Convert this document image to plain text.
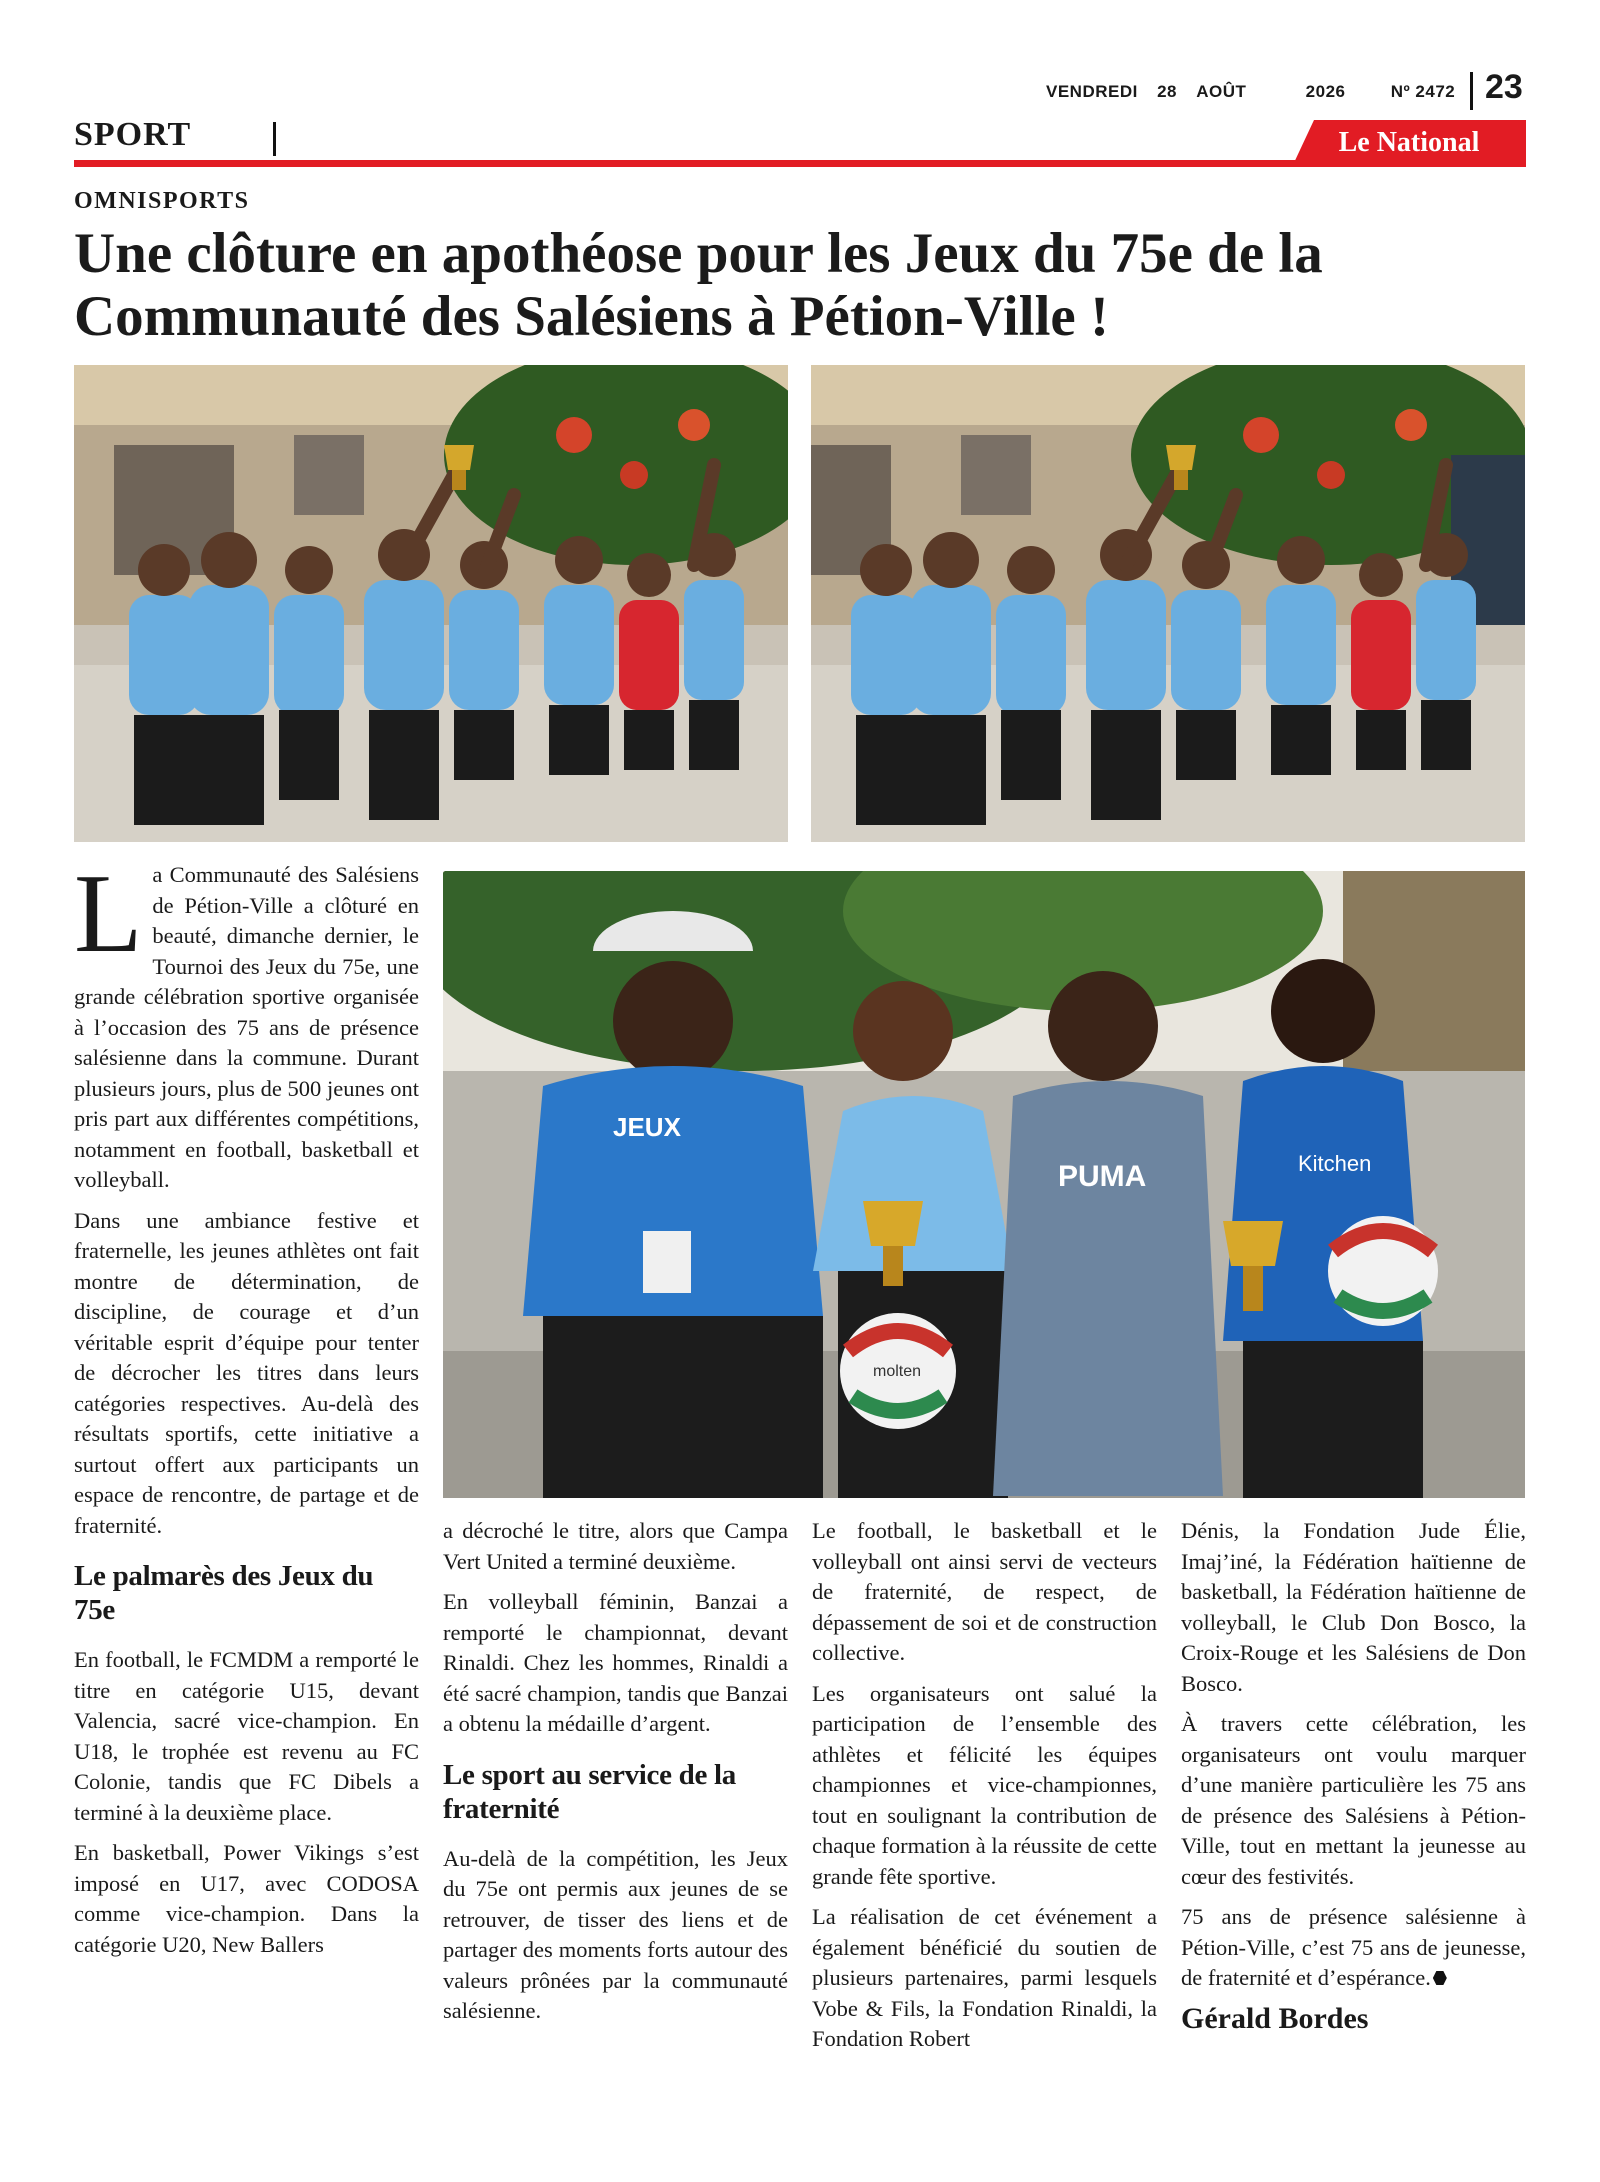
VENDREDI 28 AOÛT	2026	Nº 2472 23
SPORT	Le National
OMNISPORTS
Une clôture en apothéose pour les Jeux du 75e de la Communauté des Salésiens à Pétion-Ville !
JEUX
molten
PUMA	Kitchen

La Communauté des Salésiens de Pétion-Ville a clôturé en beauté, dimanche dernier, le Tournoi des Jeux du 75e, une grande célébration sportive organisée à l’occasion des 75 ans de présence salésienne dans la commune. Durant plusieurs jours, plus de 500 jeunes ont pris part aux différentes compétitions, notamment en football, basketball et volleyball.

Dans une ambiance festive et fraternelle, les jeunes athlètes ont fait montre de détermination, de discipline, de courage et d’un véritable esprit d’équipe pour tenter de décrocher les titres dans leurs catégories respectives. Au-delà des résultats sportifs, cette initiative a surtout offert aux participants un espace de rencontre, de partage et de fraternité.

Le palmarès des Jeux du 75e

En football, le FCMDM a remporté le titre en catégorie U15, devant Valencia, sacré vice-champion. En U18, le trophée est revenu au FC Colonie, tandis que FC Dibels a terminé à la deuxième place.

En basketball, Power Vikings s’est imposé en U17, avec CODOSA comme vice-champion. Dans la catégorie U20, New Ballers

a décroché le titre, alors que Campa Vert United a terminé deuxième.

En volleyball féminin, Banzai a remporté le championnat, devant Rinaldi. Chez les hommes, Rinaldi a été sacré champion, tandis que Banzai a obtenu la médaille d’argent.

Le sport au service de la fraternité

Au-delà de la compétition, les Jeux du 75e ont permis aux jeunes de se retrouver, de tisser des liens et de partager des moments forts autour des valeurs prônées par la communauté salésienne.

Le football, le basketball et le volleyball ont ainsi servi de vecteurs de fraternité, de respect, de dépassement de soi et de construction collective.

Les organisateurs ont salué la participation de l’ensemble des athlètes et félicité les équipes championnes et vice-championnes, tout en soulignant la contribution de chaque formation à la réussite de cette grande fête sportive.

La réalisation de cet événement a également bénéficié du soutien de plusieurs partenaires, parmi lesquels Vobe & Fils, la Fondation Rinaldi, la Fondation Robert

Dénis, la Fondation Jude Élie, Imaj’iné, la Fédération haïtienne de basketball, la Fédération haïtienne de volleyball, le Club Don Bosco, la Croix-Rouge et les Salésiens de Don Bosco.

À travers cette célébration, les organisateurs ont voulu marquer d’une manière particulière les 75 ans de présence des Salésiens à Pétion-Ville, tout en mettant la jeunesse au cœur des festivités.

75 ans de présence salésienne à Pétion-Ville, c’est 75 ans de jeunesse, de fraternité et d’espérance.

Gérald Bordes
